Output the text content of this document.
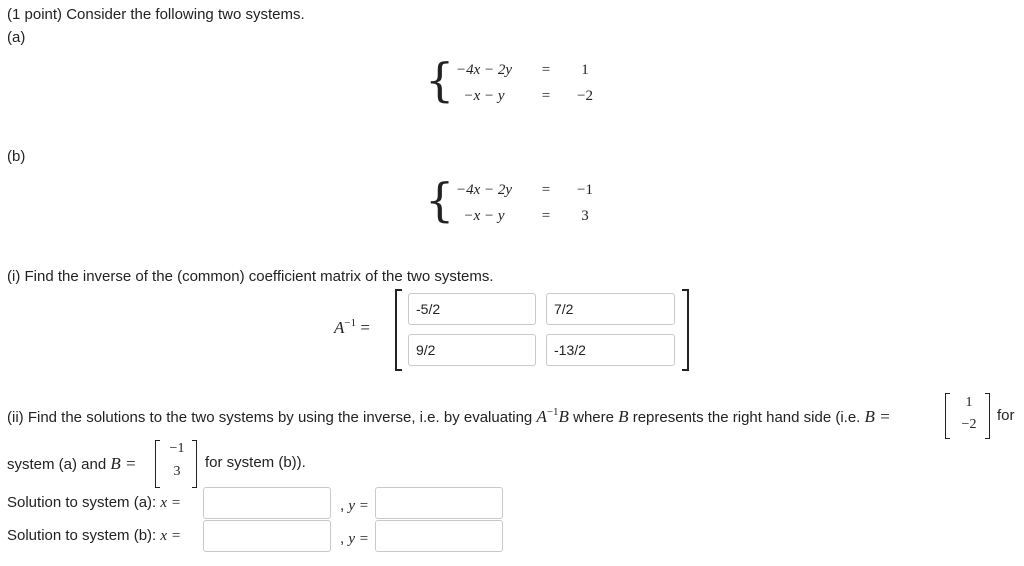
(1 point) Consider the following two systems.
(a)
{ −4x − 2y	=	1
−x − y	=	−2
(b)
{ −4x − 2y	=	−1
−x − y	=	3
(i) Find the inverse of the (common) coefficient matrix of the two systems.
$A^{-1}$ =
-5/2	7/2
9/2	-13/2
(ii) Find the solutions to the two systems by using the inverse, i.e. by evaluating $A^{-1}B$ where B represents the right hand side (i.e. B =
1
−2
for
system (a) and B =
−1
3
for system (b)).
Solution to system (a): x =	, y =
Solution to system (b): x =	, y =
